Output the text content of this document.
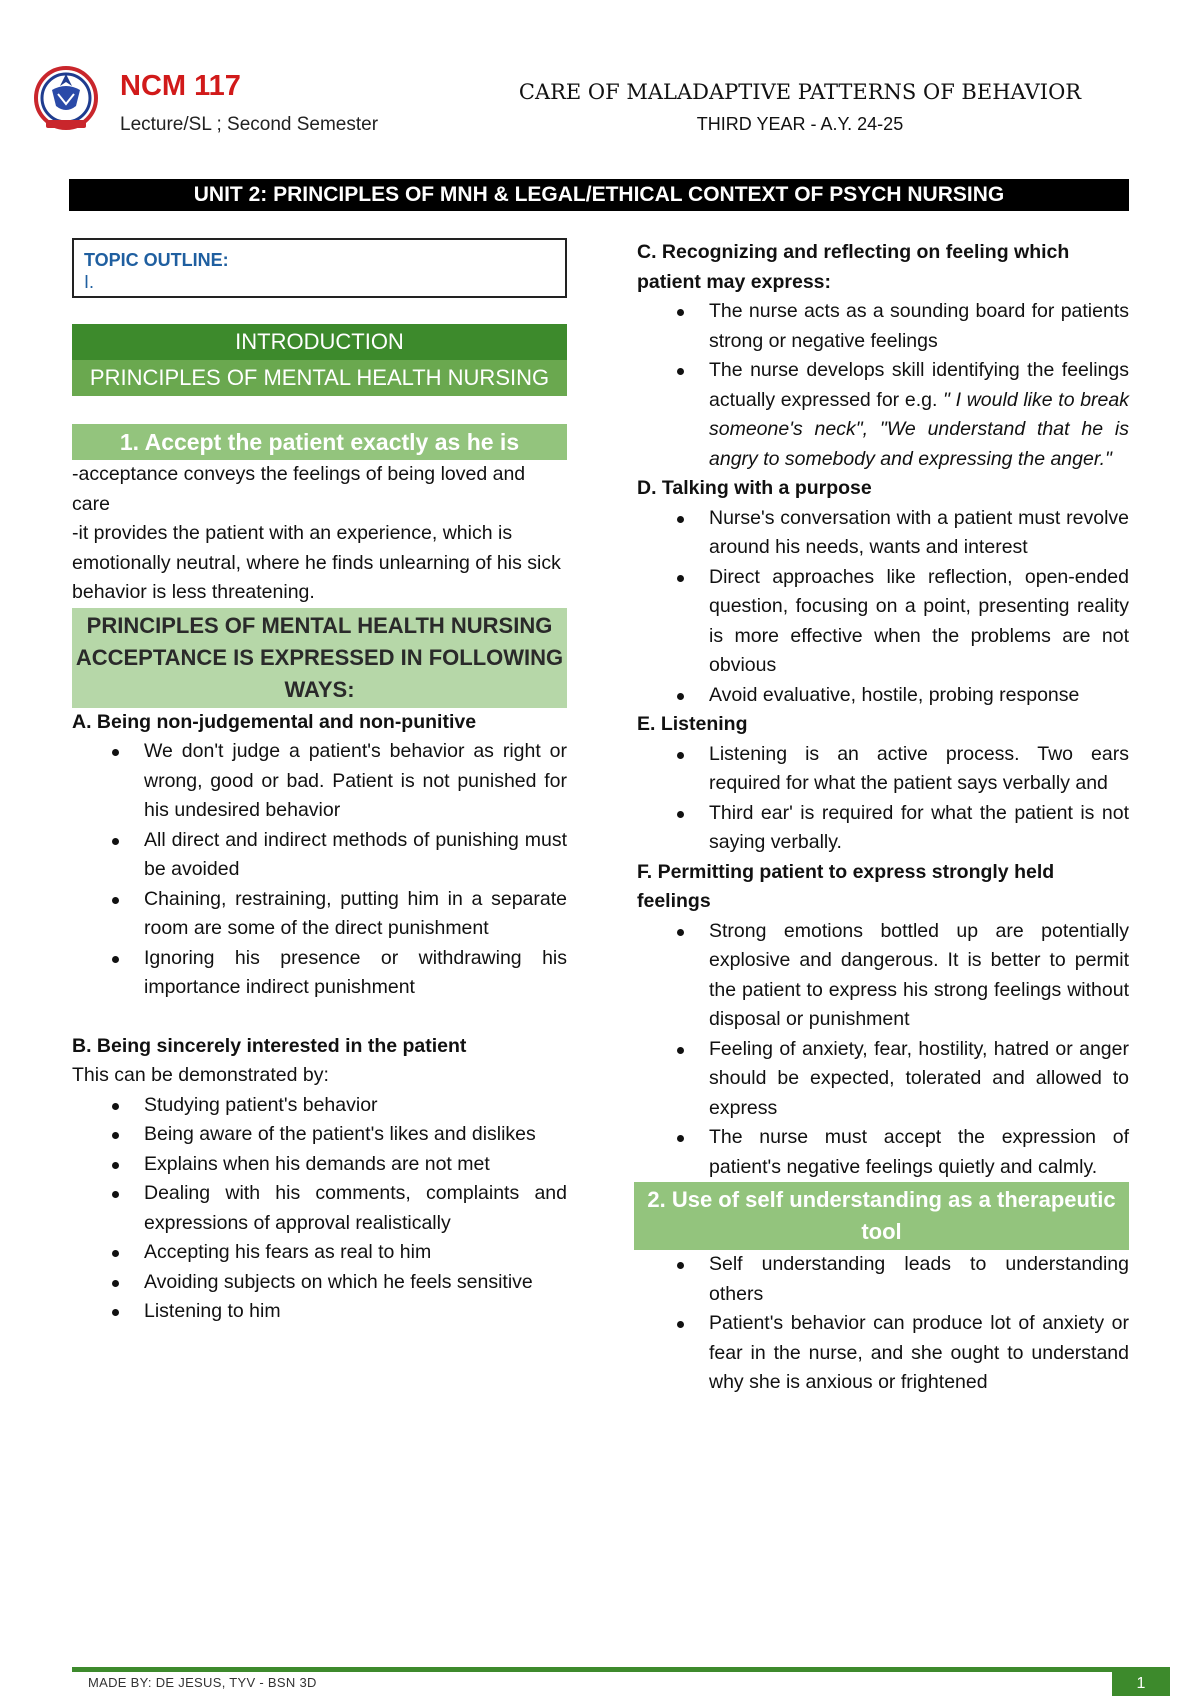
NCM 117
Lecture/SL ; Second Semester
CARE OF MALADAPTIVE PATTERNS OF BEHAVIOR
THIRD YEAR - A.Y. 24-25
UNIT 2: PRINCIPLES OF MNH & LEGAL/ETHICAL CONTEXT OF PSYCH NURSING
TOPIC OUTLINE:
I.
INTRODUCTION
PRINCIPLES OF MENTAL HEALTH NURSING
1. Accept the patient exactly as he is

-acceptance conveys the feelings of being loved and care

-it provides the patient with an experience, which is emotionally neutral, where he finds unlearning of his sick behavior is less threatening.

PRINCIPLES OF MENTAL HEALTH NURSING ACCEPTANCE IS EXPRESSED IN FOLLOWING WAYS:

A. Being non-judgemental and non-punitive

We don't judge a patient's behavior as right or wrong, good or bad. Patient is not punished for his undesired behavior
All direct and indirect methods of punishing must be avoided
Chaining, restraining, putting him in a separate room are some of the direct punishment
Ignoring his presence or withdrawing his importance indirect punishment

B. Being sincerely interested in the patient

This can be demonstrated by:

Studying patient's behavior
Being aware of the patient's likes and dislikes
Explains when his demands are not met
Dealing with his comments, complaints and expressions of approval realistically
Accepting his fears as real to him
Avoiding subjects on which he feels sensitive
Listening to him

C. Recognizing and reflecting on feeling which patient may express:

The nurse acts as a sounding board for patients strong or negative feelings
The nurse develops skill identifying the feelings actually expressed for e.g. " I would like to break someone's neck", "We understand that he is angry to somebody and expressing the anger."

D. Talking with a purpose

Nurse's conversation with a patient must revolve around his needs, wants and interest
Direct approaches like reflection, open-ended question, focusing on a point, presenting reality is more effective when the problems are not obvious
Avoid evaluative, hostile, probing response

E. Listening

Listening is an active process. Two ears required for what the patient says verbally and
Third ear' is required for what the patient is not saying verbally.

F. Permitting patient to express strongly held feelings

Strong emotions bottled up are potentially explosive and dangerous. It is better to permit the patient to express his strong feelings without disposal or punishment
Feeling of anxiety, fear, hostility, hatred or anger should be expected, tolerated and allowed to express
The nurse must accept the expression of patient's negative feelings quietly and calmly.
2. Use of self understanding as a therapeutic tool
Self understanding leads to understanding others
Patient's behavior can produce lot of anxiety or fear in the nurse, and she ought to understand why she is anxious or frightened
MADE BY: DE JESUS, TYV - BSN 3D	1
